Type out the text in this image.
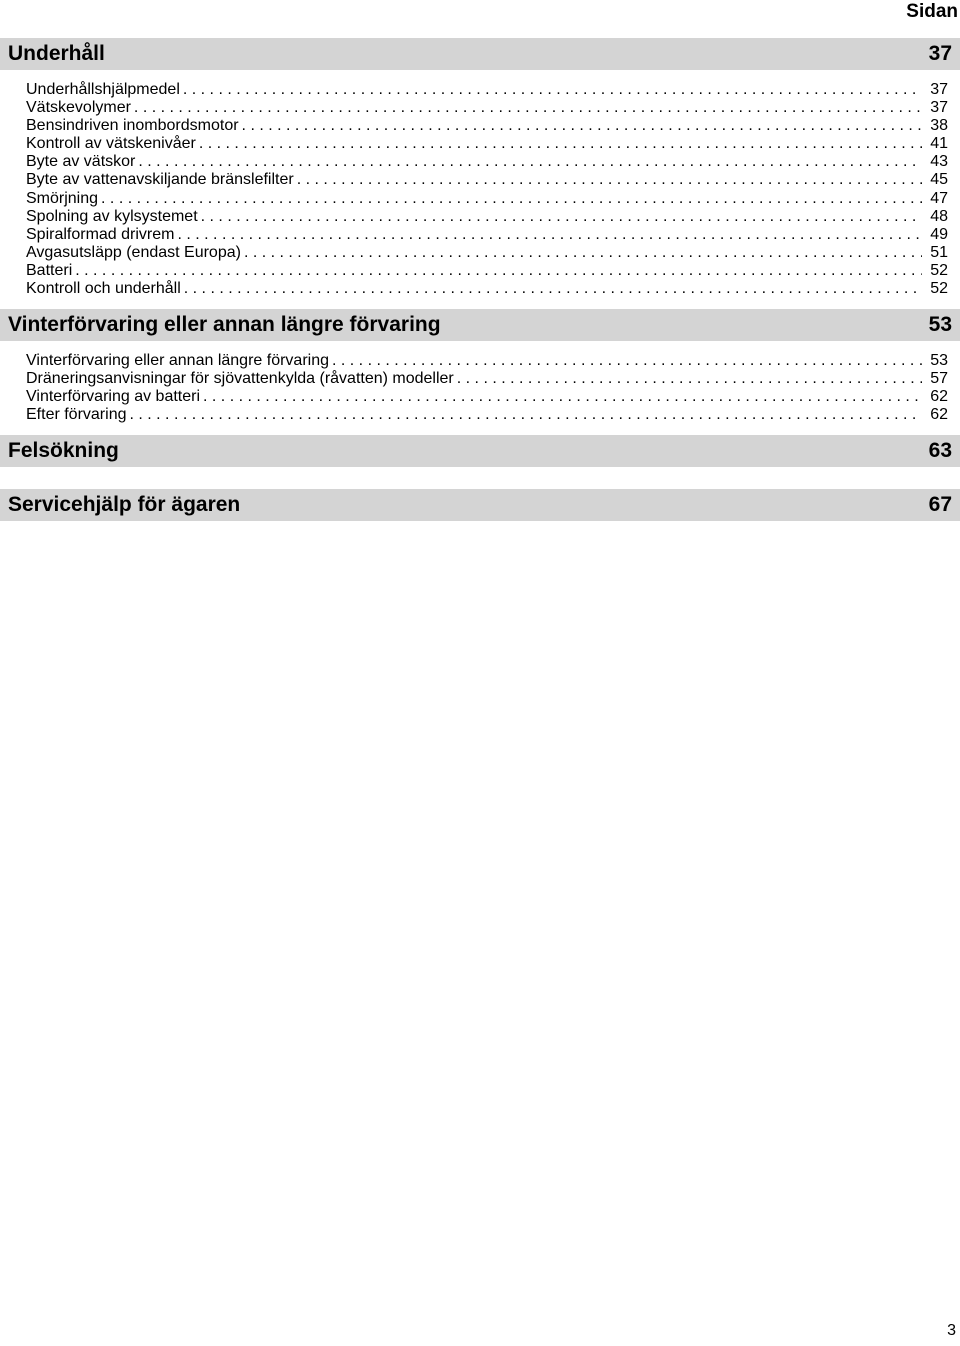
Sidan
Underhåll	37
Underhållshjälpmedel . . .	37
Vätskevolymer . . .	37
Bensindriven inombordsmotor . . .	38
Kontroll av vätskenivåer . . .	41
Byte av vätskor . . .	43
Byte av vattenavskiljande bränslefilter . . .	45
Smörjning . . .	47
Spolning av kylsystemet . . .	48
Spiralformad drivrem . . .	49
Avgasutsläpp (endast Europa) . . .	51
Batteri . . .	52
Kontroll och underhåll . . .	52
Vinterförvaring eller annan längre förvaring	53
Vinterförvaring eller annan längre förvaring . . .	53
Dräneringsanvisningar för sjövattenkylda (råvatten) modeller . . .	57
Vinterförvaring av batteri . . .	62
Efter förvaring . . .	62
Felsökning	63
Servicehjälp för ägaren	67
3
